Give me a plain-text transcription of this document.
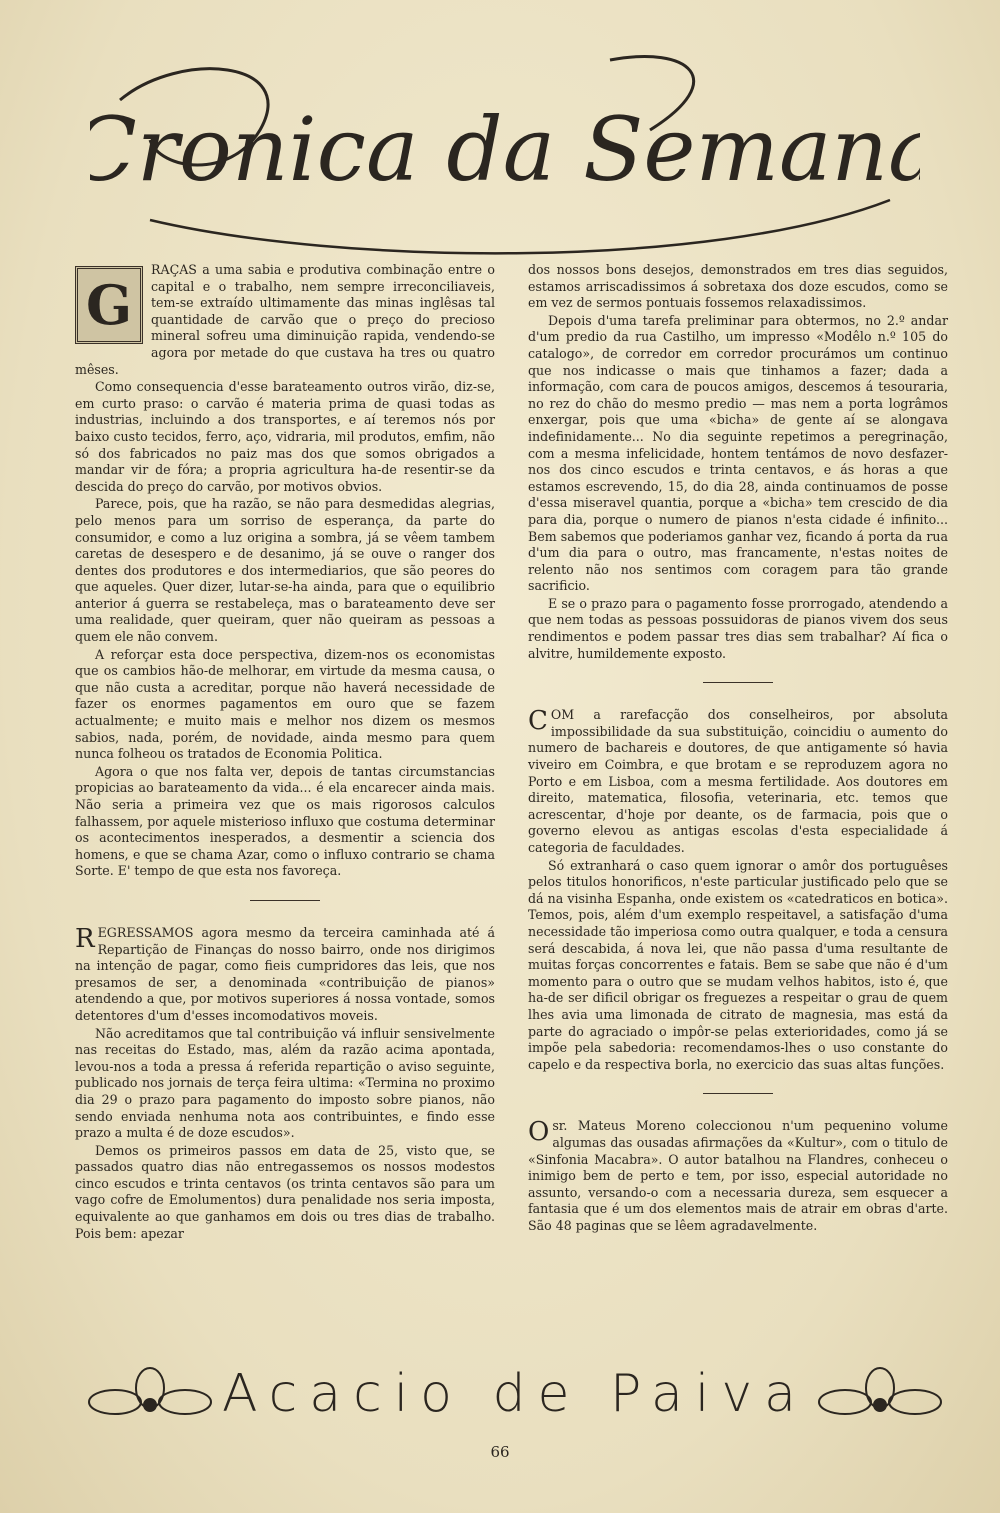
Cronica da Semana
G

RAÇAS a uma sabia e produtiva combinação entre o capital e o trabalho, nem sempre irreconciliaveis, tem-se extraído ultimamente das minas inglêsas tal quantidade de carvão que o preço do precioso mineral sofreu uma diminuição rapida, vendendo-se agora por metade do que custava ha tres ou quatro mêses.

Como consequencia d'esse barateamento outros virão, diz-se, em curto praso: o carvão é materia prima de quasi todas as industrias, incluindo a dos transportes, e aí teremos nós por baixo custo tecidos, ferro, aço, vidraria, mil produtos, emfim, não só dos fabricados no paiz mas dos que somos obrigados a mandar vir de fóra; a propria agricultura ha-de resentir-se da descida do preço do carvão, por motivos obvios.

Parece, pois, que ha razão, se não para desmedidas alegrias, pelo menos para um sorriso de esperança, da parte do consumidor, e como a luz origina a sombra, já se vêem tambem caretas de desespero e de desanimo, já se ouve o ranger dos dentes dos produtores e dos intermediarios, que são peores do que aqueles. Quer dizer, lutar-se-ha ainda, para que o equilibrio anterior á guerra se restabeleça, mas o barateamento deve ser uma realidade, quer queiram, quer não queiram as pessoas a quem ele não convem.

A reforçar esta doce perspectiva, dizem-nos os economistas que os cambios hão-de melhorar, em virtude da mesma causa, o que não custa a acreditar, porque não haverá necessidade de fazer os enormes pagamentos em ouro que se fazem actualmente; e muito mais e melhor nos dizem os mesmos sabios, nada, porém, de novidade, ainda mesmo para quem nunca folheou os tratados de Economia Politica.

Agora o que nos falta ver, depois de tantas circumstancias propicias ao barateamento da vida... é ela encarecer ainda mais. Não seria a primeira vez que os mais rigorosos calculos falhassem, por aquele misterioso influxo que costuma determinar os acontecimentos inesperados, a desmentir a sciencia dos homens, e que se chama Azar, como o influxo contrario se chama Sorte. E' tempo de que esta nos favoreça.

REGRESSAMOS agora mesmo da terceira caminhada até á Repartição de Finanças do nosso bairro, onde nos dirigimos na intenção de pagar, como fieis cumpridores das leis, que nos presamos de ser, a denominada «contribuição de pianos» atendendo a que, por motivos superiores á nossa vontade, somos detentores d'um d'esses incomodativos moveis.

Não acreditamos que tal contribuição vá influir sensivelmente nas receitas do Estado, mas, além da razão acima apontada, levou-nos a toda a pressa á referida repartição o aviso seguinte, publicado nos jornais de terça feira ultima: «Termina no proximo dia 29 o prazo para pagamento do imposto sobre pianos, não sendo enviada nenhuma nota aos contribuintes, e findo esse prazo a multa é de doze escudos».

Demos os primeiros passos em data de 25, visto que, se passados quatro dias não entregassemos os nossos modestos cinco escudos e trinta centavos (os trinta centavos são para um vago cofre de Emolumentos) dura penalidade nos seria imposta, equivalente ao que ganhamos em dois ou tres dias de trabalho. Pois bem: apezar

dos nossos bons desejos, demonstrados em tres dias seguidos, estamos arriscadissimos á sobretaxa dos doze escudos, como se em vez de sermos pontuais fossemos relaxadissimos.

Depois d'uma tarefa preliminar para obtermos, no 2.º andar d'um predio da rua Castilho, um impresso «Modêlo n.º 105 do catalogo», de corredor em corredor procurámos um continuo que nos indicasse o mais que tinhamos a fazer; dada a informação, com cara de poucos amigos, descemos á tesouraria, no rez do chão do mesmo predio — mas nem a porta logrâmos enxergar, pois que uma «bicha» de gente aí se alongava indefinidamente... No dia seguinte repetimos a peregrinação, com a mesma infelicidade, hontem tentámos de novo desfazer-nos dos cinco escudos e trinta centavos, e ás horas a que estamos escrevendo, 15, do dia 28, ainda continuamos de posse d'essa miseravel quantia, porque a «bicha» tem crescido de dia para dia, porque o numero de pianos n'esta cidade é infinito... Bem sabemos que poderiamos ganhar vez, ficando á porta da rua d'um dia para o outro, mas francamente, n'estas noites de relento não nos sentimos com coragem para tão grande sacrificio.

E se o prazo para o pagamento fosse prorrogado, atendendo a que nem todas as pessoas possuidoras de pianos vivem dos seus rendimentos e podem passar tres dias sem trabalhar? Aí fica o alvitre, humildemente exposto.

COM a rarefacção dos conselheiros, por absoluta impossibilidade da sua substituição, coincidiu o aumento do numero de bachareis e doutores, de que antigamente só havia viveiro em Coimbra, e que brotam e se reproduzem agora no Porto e em Lisboa, com a mesma fertilidade. Aos doutores em direito, matematica, filosofia, veterinaria, etc. temos que acrescentar, d'hoje por deante, os de farmacia, pois que o governo elevou as antigas escolas d'esta especialidade á categoria de faculdades.

Só extranhará o caso quem ignorar o amôr dos portuguêses pelos titulos honorificos, n'este particular justificado pelo que se dá na visinha Espanha, onde existem os «catedraticos en botica». Temos, pois, além d'um exemplo respeitavel, a satisfação d'uma necessidade tão imperiosa como outra qualquer, e toda a censura será descabida, á nova lei, que não passa d'uma resultante de muitas forças concorrentes e fatais. Bem se sabe que não é d'um momento para o outro que se mudam velhos habitos, isto é, que ha-de ser dificil obrigar os freguezes a respeitar o grau de quem lhes avia uma limonada de citrato de magnesia, mas está da parte do agraciado o impôr-se pelas exterioridades, como já se impõe pela sabedoria: recomendamos-lhes o uso constante do capelo e da respectiva borla, no exercicio das suas altas funções.

Osr. Mateus Moreno coleccionou n'um pequenino volume algumas das ousadas afirmações da «Kultur», com o titulo de «Sinfonia Macabra». O autor batalhou na Flandres, conheceu o inimigo bem de perto e tem, por isso, especial autoridade no assunto, versando-o com a necessaria dureza, sem esquecer a fantasia que é um dos elementos mais de atrair em obras d'arte. São 48 paginas que se lêem agradavelmente.

Acacio de Paiva
66
